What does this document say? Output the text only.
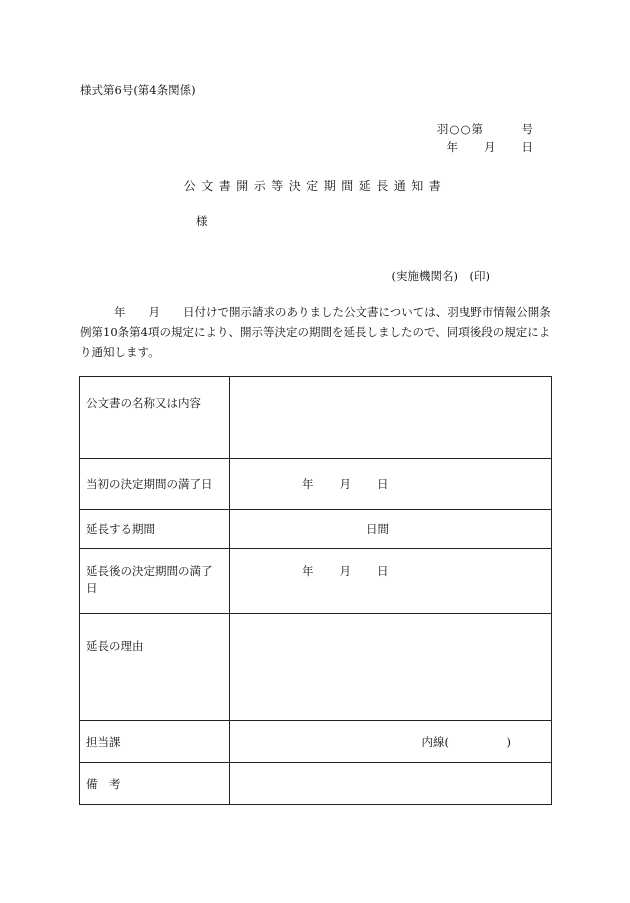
様式第6号(第4条関係)
羽○○第　　　号
年　　月　　日
公文書開示等決定期間延長通知書
様
(実施機関名)　(印)
年　　月　　日付けで開示請求のありました公文書については、羽曳野市情報公開条例第10条第4項の規定により、開示等決定の期間を延長しましたので、同項後段の規定により通知します。
公文書の名称又は内容	
当初の決定期間の満了日	年　　月　　日
延長する期間	日間
延長後の決定期間の満了日	年　　月　　日
延長の理由	
担当課	内線(　　　　　)
備　考	
